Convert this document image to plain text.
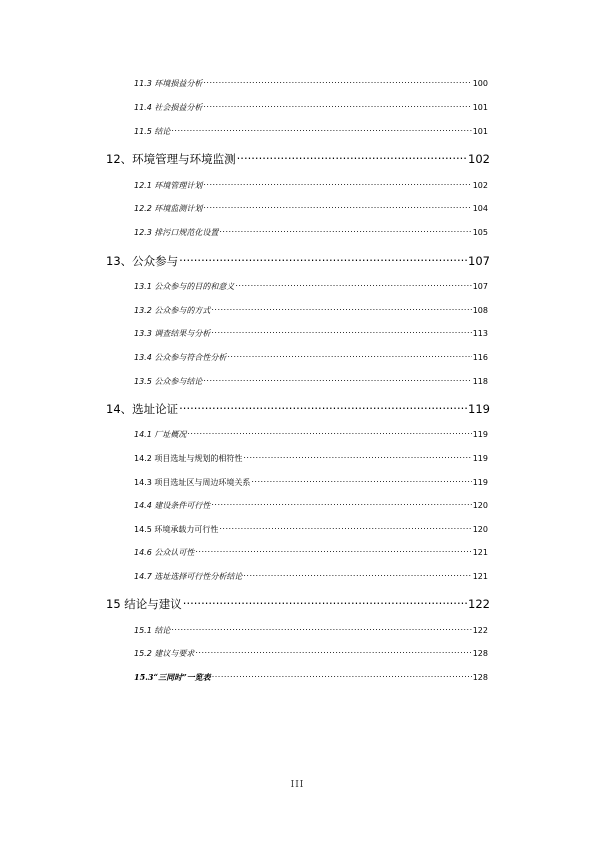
11.3 环境损益分析 .....	100
11.4 社会损益分析 .....	101
11.5 结论 .....	101
12、环境管理与环境监测 .....	102
12.1 环境管理计划 .....	102
12.2 环境监测计划 .....	104
12.3 排污口规范化设置 .....	105
13、公众参与 .....	107
13.1 公众参与的目的和意义 .....	107
13.2 公众参与的方式 .....	108
13.3 调查结果与分析 .....	113
13.4 公众参与符合性分析 .....	116
13.5 公众参与结论 .....	118
14、选址论证 .....	119
14.1 厂址概况 .....	119
14.2 项目选址与规划的相符性 .....	119
14.3 项目选址区与周边环境关系 .....	119
14.4 建设条件可行性 .....	120
14.5 环境承载力可行性 .....	120
14.6 公众认可性 .....	121
14.7 选址选择可行性分析结论 .....	121
15 结论与建议 .....	122
15.1 结论 .....	122
15.2 建议与要求 .....	128
15.3“三同时”一览表 .....	128
III
